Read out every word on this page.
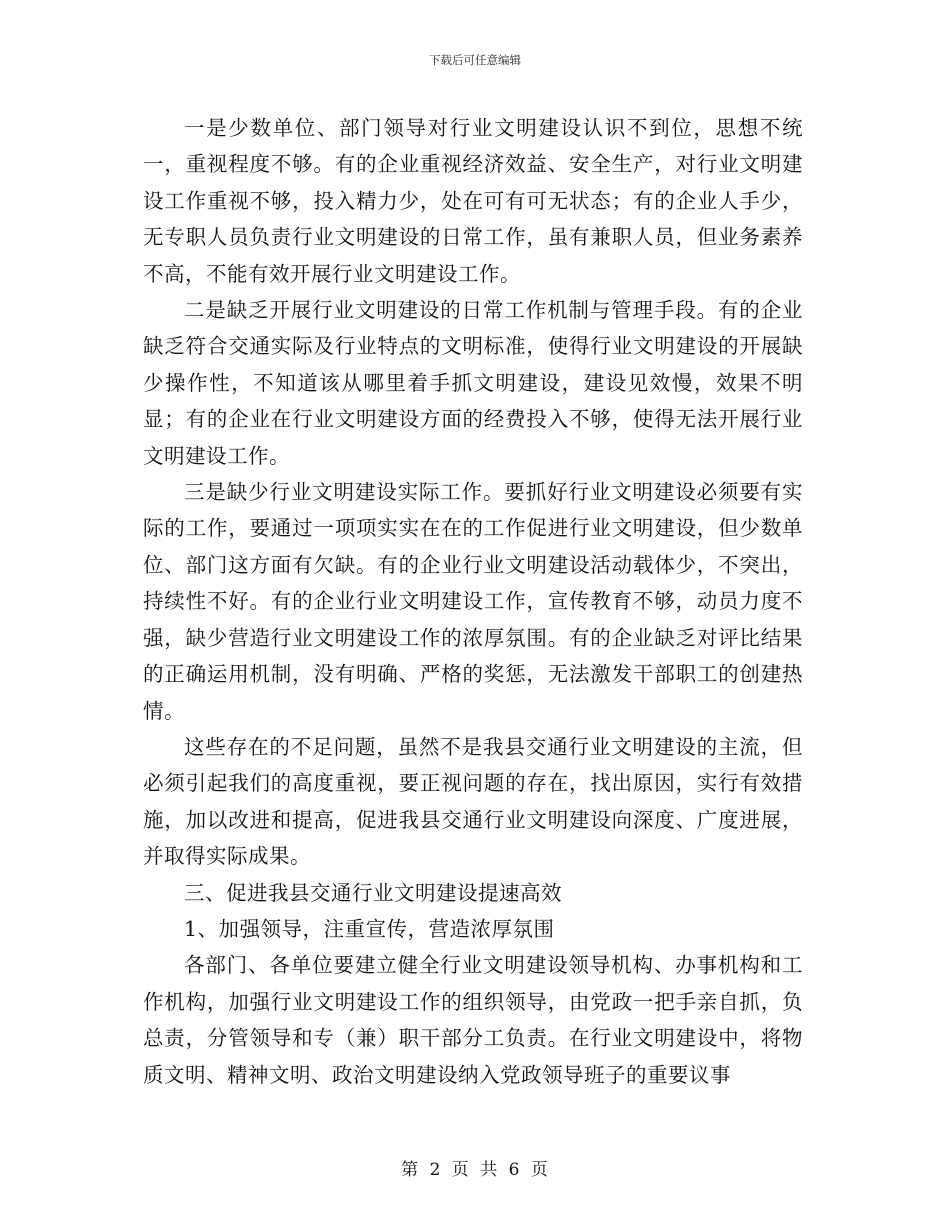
下载后可任意编辑

一是少数单位、部门领导对行业文明建设认识不到位，思想不统一，重视程度不够。有的企业重视经济效益、安全生产，对行业文明建设工作重视不够，投入精力少，处在可有可无状态；有的企业人手少，无专职人员负责行业文明建设的日常工作，虽有兼职人员，但业务素养不高，不能有效开展行业文明建设工作。

二是缺乏开展行业文明建设的日常工作机制与管理手段。有的企业缺乏符合交通实际及行业特点的文明标准，使得行业文明建设的开展缺少操作性，不知道该从哪里着手抓文明建设，建设见效慢，效果不明显；有的企业在行业文明建设方面的经费投入不够，使得无法开展行业文明建设工作。

三是缺少行业文明建设实际工作。要抓好行业文明建设必须要有实际的工作，要通过一项项实实在在的工作促进行业文明建设，但少数单位、部门这方面有欠缺。有的企业行业文明建设活动载体少，不突出，持续性不好。有的企业行业文明建设工作，宣传教育不够，动员力度不强，缺少营造行业文明建设工作的浓厚氛围。有的企业缺乏对评比结果的正确运用机制，没有明确、严格的奖惩，无法激发干部职工的创建热情。

这些存在的不足问题，虽然不是我县交通行业文明建设的主流，但必须引起我们的高度重视，要正视问题的存在，找出原因，实行有效措施，加以改进和提高，促进我县交通行业文明建设向深度、广度进展，并取得实际成果。

三、促进我县交通行业文明建设提速高效

1、加强领导，注重宣传，营造浓厚氛围

各部门、各单位要建立健全行业文明建设领导机构、办事机构和工作机构，加强行业文明建设工作的组织领导，由党政一把手亲自抓，负总责，分管领导和专（兼）职干部分工负责。在行业文明建设中，将物质文明、精神文明、政治文明建设纳入党政领导班子的重要议事

第 2 页 共 6 页
